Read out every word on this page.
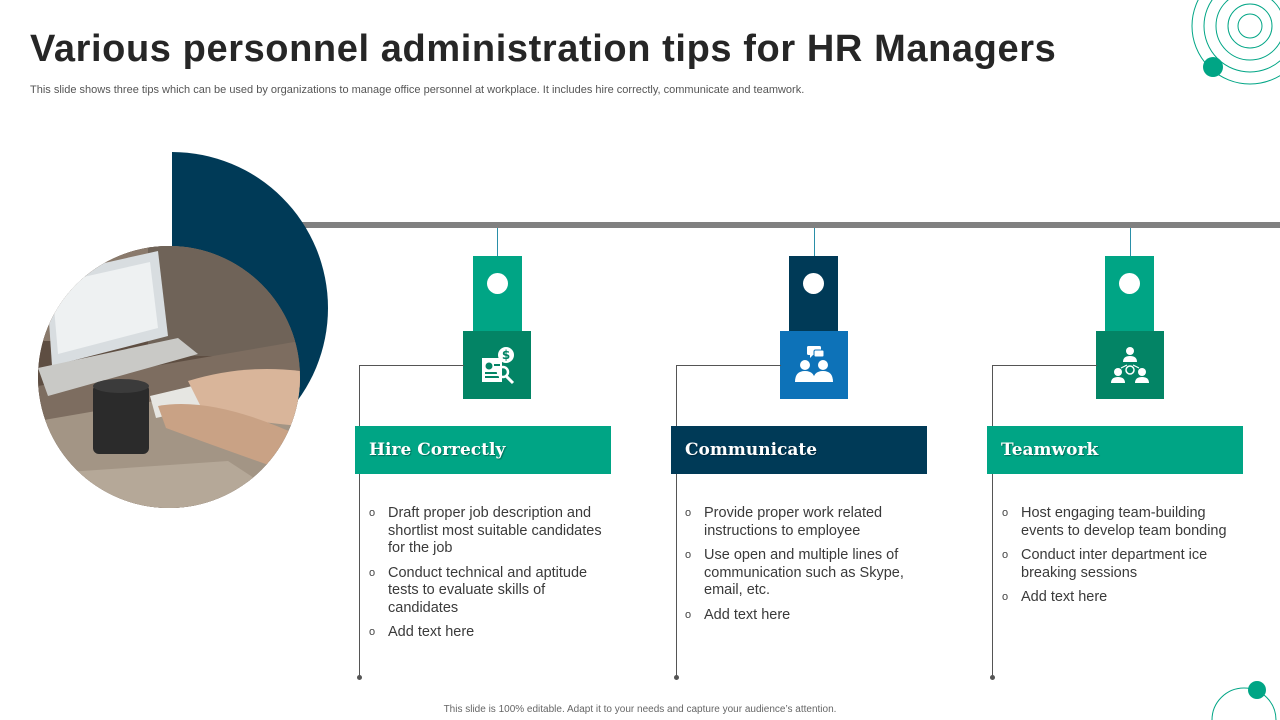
Various personnel administration tips for HR Managers
This slide shows three tips which can be used by organizations to manage office personnel at workplace. It includes hire correctly, communicate and teamwork.
$
Hire Correctly
o Draft proper job description and shortlist most suitable candidates for the job
o Conduct technical and aptitude tests to evaluate skills of candidates
o Add text here
Communicate
o Provide proper work related instructions to employee
o Use open and multiple lines of communication such as Skype, email, etc.
o Add text here
Teamwork
o Host engaging team-building events to develop team bonding
o Conduct inter department ice breaking sessions
o Add text here
This slide is 100% editable. Adapt it to your needs and capture your audience’s attention.
